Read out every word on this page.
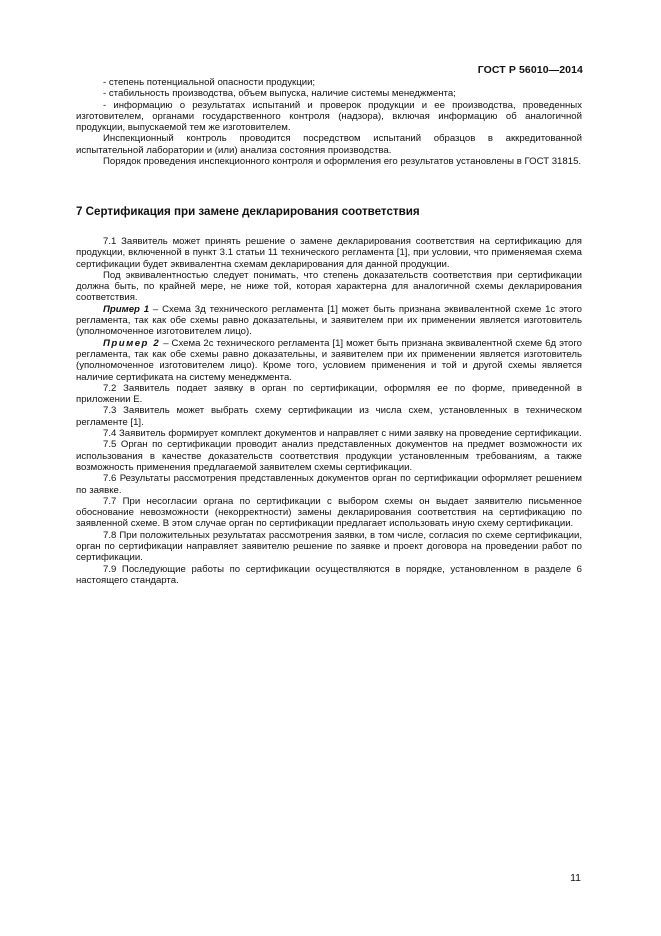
ГОСТ Р 56010—2014

- степень потенциальной опасности продукции;

- стабильность производства, объем выпуска, наличие системы менеджмента;

- информацию о результатах испытаний и проверок продукции и ее производства, проведенных изготовителем, органами государственного контроля (надзора), включая информацию об аналогичной продукции, выпускаемой тем же изготовителем.

Инспекционный контроль проводится посредством испытаний образцов в аккредитованной испытательной лаборатории и (или) анализа состояния производства.

Порядок проведения инспекционного контроля и оформления его результатов установлены в ГОСТ 31815.

7 Сертификация при замене декларирования соответствия

7.1 Заявитель может принять решение о замене декларирования соответствия на сертификацию для продукции, включенной в пункт 3.1 статьи 11 технического регламента [1], при условии, что применяемая схема сертификации будет эквивалентна схемам декларирования для данной продукции.

Под эквивалентностью следует понимать, что степень доказательств соответствия при сертификации должна быть, по крайней мере, не ниже той, которая характерна для аналогичной схемы декларирования соответствия.

Пример 1 – Схема 3д технического регламента [1] может быть признана эквивалентной схеме 1с этого регламента, так как обе схемы равно доказательны, и заявителем при их применении является изготовитель (уполномоченное изготовителем лицо).

Пример 2 – Схема 2с технического регламента [1] может быть признана эквивалентной схеме 6д этого регламента, так как обе схемы равно доказательны, и заявителем при их применении является изготовитель (уполномоченное изготовителем лицо). Кроме того, условием применения и той и другой схемы является наличие сертификата на систему менеджмента.

7.2 Заявитель подает заявку в орган по сертификации, оформляя ее по форме, приведенной в приложении Е.

7.3 Заявитель может выбрать схему сертификации из числа схем, установленных в техническом регламенте [1].

7.4 Заявитель формирует комплект документов и направляет с ними заявку на проведение сертификации.

7.5 Орган по сертификации проводит анализ представленных документов на предмет возможности их использования в качестве доказательств соответствия продукции установленным требованиям, а также возможность применения предлагаемой заявителем схемы сертификации.

7.6 Результаты рассмотрения представленных документов орган по сертификации оформляет решением по заявке.

7.7 При несогласии органа по сертификации с выбором схемы он выдает заявителю письменное обоснование невозможности (некорректности) замены декларирования соответствия на сертификацию по заявленной схеме. В этом случае орган по сертификации предлагает использовать иную схему сертификации.

7.8 При положительных результатах рассмотрения заявки, в том числе, согласия по схеме сертификации, орган по сертификации направляет заявителю решение по заявке и проект договора на проведении работ по сертификации.

7.9 Последующие работы по сертификации осуществляются в порядке, установленном в разделе 6 настоящего стандарта.

11
